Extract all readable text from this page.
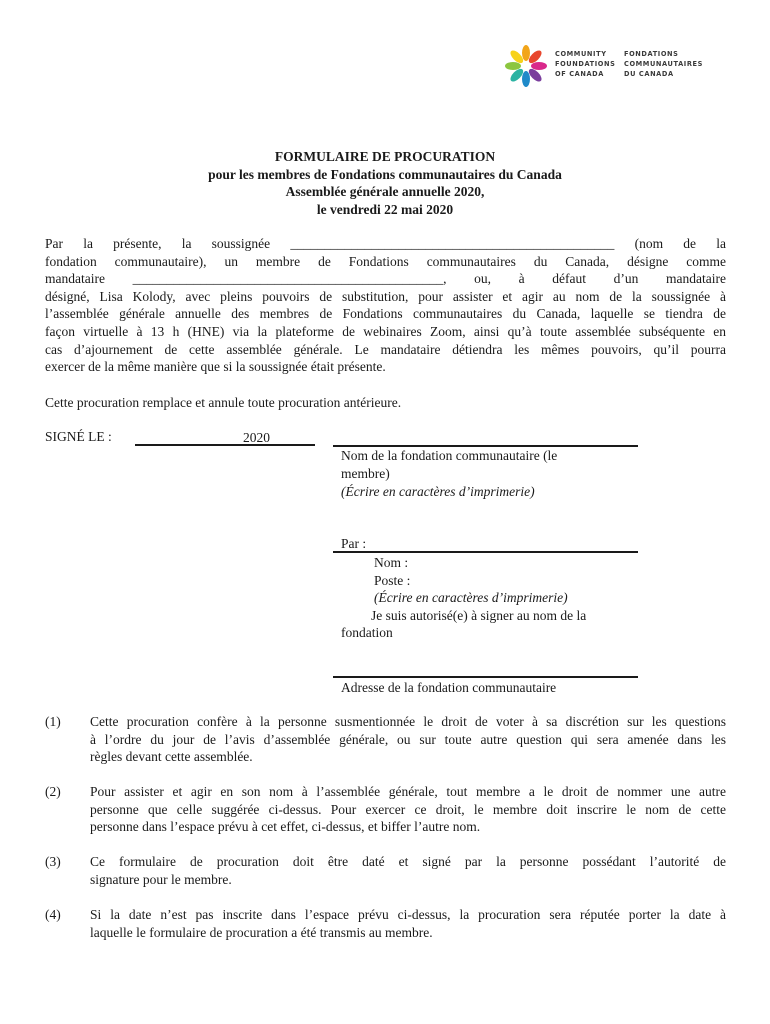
COMMUNITY
FOUNDATIONS
OF CANADA
FONDATIONS
COMMUNAUTAIRES
DU CANADA
FORMULAIRE DE PROCURATION
pour les membres de Fondations communautaires du Canada
Assemblée générale annuelle 2020,
le vendredi 22 mai 2020
Par la présente, la soussignée ________________________________________________ (nom de la
fondation communautaire), un membre de Fondations communautaires du Canada, désigne comme
mandataire ______________________________________________, ou, à défaut d’un mandataire
désigné, Lisa Kolody, avec pleins pouvoirs de substitution, pour assister et agir au nom de la soussignée à
l’assemblée générale annuelle des membres de Fondations communautaires du Canada, laquelle se tiendra de
façon virtuelle à 13 h (HNE) via la plateforme de webinaires Zoom, ainsi qu’à toute assemblée subséquente en
cas d’ajournement de cette assemblée générale. Le mandataire détiendra les mêmes pouvoirs, qu’il pourra
exercer de la même manière que si la soussignée était présente.
Cette procuration remplace et annule toute procuration antérieure.
SIGNÉ LE :	2020
Nom de la fondation communautaire (le
membre)
(Écrire en caractères d’imprimerie)
Par :
Nom :
Poste :
(Écrire en caractères d’imprimerie)
Je suis autorisé(e) à signer au nom de la
fondation
Adresse de la fondation communautaire
(1) Cette procuration confère à la personne susmentionnée le droit de voter à sa discrétion sur les questions
à l’ordre du jour de l’avis d’assemblée générale, ou sur toute autre question qui sera amenée dans les
règles devant cette assemblée.
(2) Pour assister et agir en son nom à l’assemblée générale, tout membre a le droit de nommer une autre
personne que celle suggérée ci-dessus. Pour exercer ce droit, le membre doit inscrire le nom de cette
personne dans l’espace prévu à cet effet, ci-dessus, et biffer l’autre nom.
(3) Ce formulaire de procuration doit être daté et signé par la personne possédant l’autorité de
signature pour le membre.
(4) Si la date n’est pas inscrite dans l’espace prévu ci-dessus, la procuration sera réputée porter la date à
laquelle le formulaire de procuration a été transmis au membre.
